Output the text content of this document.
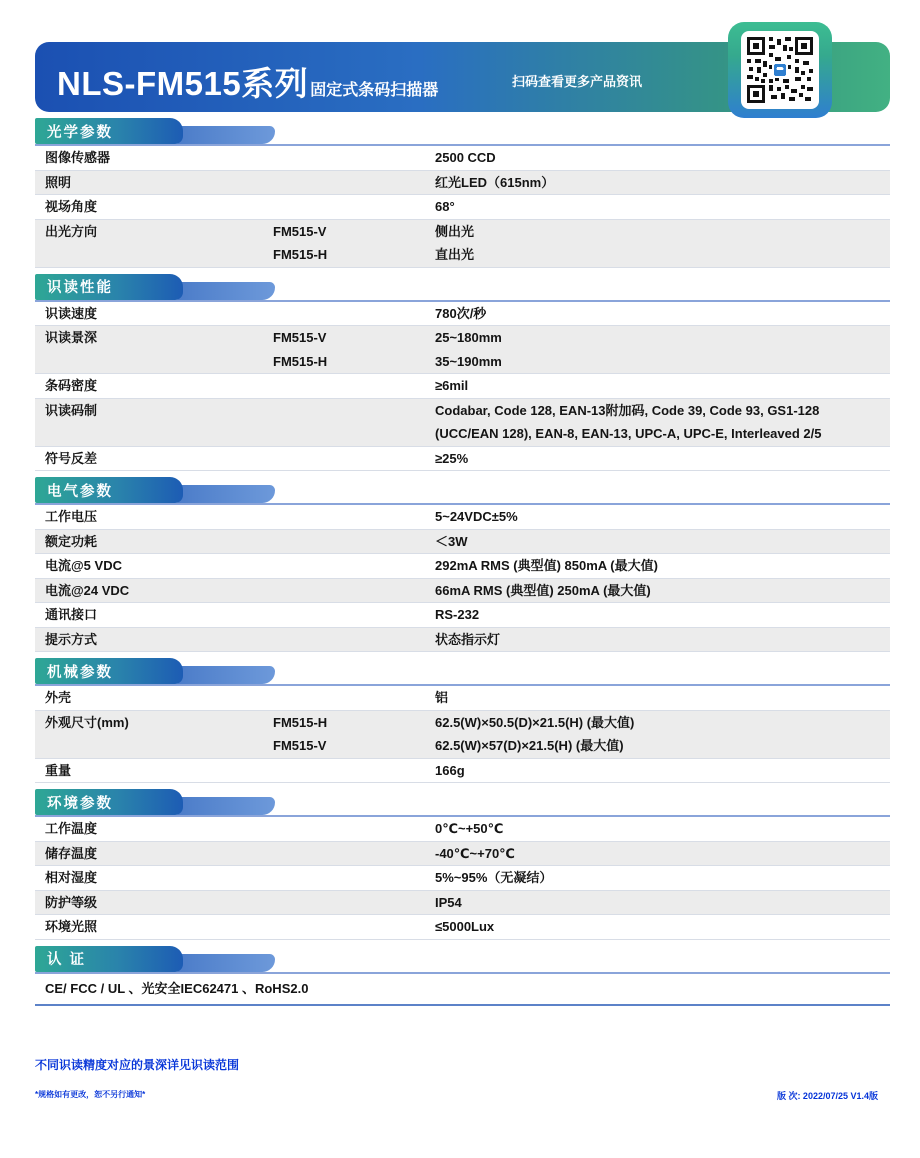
NLS-FM515系列 固定式条码扫描器
扫码查看更多产品资讯
光学参数
图像传感器	2500 CCD
照明	红光LED（615nm）
视场角度	68°
出光方向	FM515-V	侧出光
FM515-H	直出光
识读性能
识读速度	780次/秒
识读景深	FM515-V	25~180mm
FM515-H	35~190mm
条码密度	≥6mil
识读码制	Codabar, Code 128, EAN-13附加码, Code 39, Code 93, GS1-128 (UCC/EAN 128), EAN-8, EAN-13, UPC-A, UPC-E, Interleaved 2/5
符号反差	≥25%
电气参数
工作电压	5~24VDC±5%
额定功耗	＜3W
电流@5 VDC	292mA RMS (典型值) 850mA (最大值)
电流@24 VDC	66mA RMS (典型值) 250mA (最大值)
通讯接口	RS-232
提示方式	状态指示灯
机械参数
外壳	铝
外观尺寸(mm)	FM515-H	62.5(W)×50.5(D)×21.5(H) (最大值)
FM515-V	62.5(W)×57(D)×21.5(H) (最大值)
重量	166g
环境参数
工作温度	0℃~+50℃
储存温度	-40℃~+70℃
相对湿度	5%~95%（无凝结）
防护等级	IP54
环境光照	≤5000Lux
认 证
CE/ FCC / UL 、光安全IEC62471 、RoHS2.0
不同识读精度对应的景深详见识读范围
*规格如有更改，恕不另行通知*	版 次: 2022/07/25 V1.4版
